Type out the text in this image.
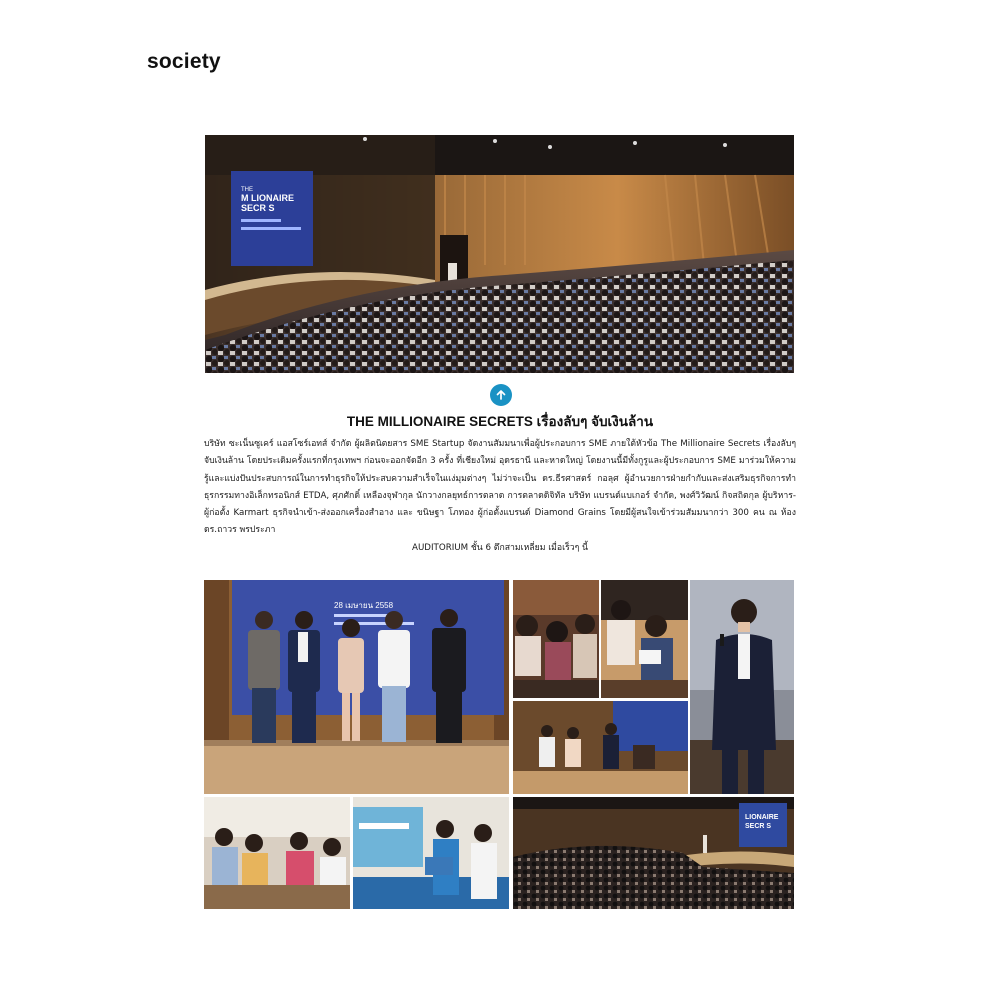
society
THE
M LIONAIRE
SECR S
THE MILLIONAIRE SECRETS เรื่องลับๆ จับเงินล้าน
บริษัท ซะเน็นซูเคร์ แอสโซร์เอทส์ จำกัด ผู้ผลิตนิตยสาร SME Startup จัดงานสัมมนาเพื่อผู้ประกอบการ SME ภายใต้หัวข้อ The Millionaire Secrets เรื่องลับๆ จับเงินล้าน โดยประเดิมครั้งแรกที่กรุงเทพฯ ก่อนจะออกจัดอีก 3 ครั้ง ที่เชียงใหม่ อุดรธานี และหาดใหญ่ โดยงานนี้มีทั้งกูรูและผู้ประกอบการ SME มาร่วมให้ความรู้และแบ่งปันประสบการณ์ในการทำธุรกิจให้ประสบความสำเร็จในแง่มุมต่างๆ ไม่ว่าจะเป็น ดร.ธีรศาสตร์ กอลุศ ผู้อำนวยการฝ่ายกำกับและส่งเสริมธุรกิจการทำธุรกรรมทางอิเล็กทรอนิกส์ ETDA, ศุภศักดิ์ เหลืองจุฬากุล นักวางกลยุทธ์การตลาด การตลาดดิจิทัล บริษัท แบรนด์แบเกอร์ จำกัด, พงศ์วิวัฒน์ กิจสถิตกุล ผู้บริหาร-ผู้ก่อตั้ง Karmart ธุรกิจนำเข้า-ส่งออกเครื่องสำอาง และ ขนิษฐา โภทอง ผู้ก่อตั้งแบรนด์ Diamond Grains โดยมีผู้สนใจเข้าร่วมสัมมนากว่า 300 คน ณ ห้อง ดร.ถาวร พรประภา
AUDITORIUM ชั้น 6 ตึกสามเหลี่ยม เมื่อเร็วๆ นี้
28 เมษายน 2558
LIONAIRE
SECR S
